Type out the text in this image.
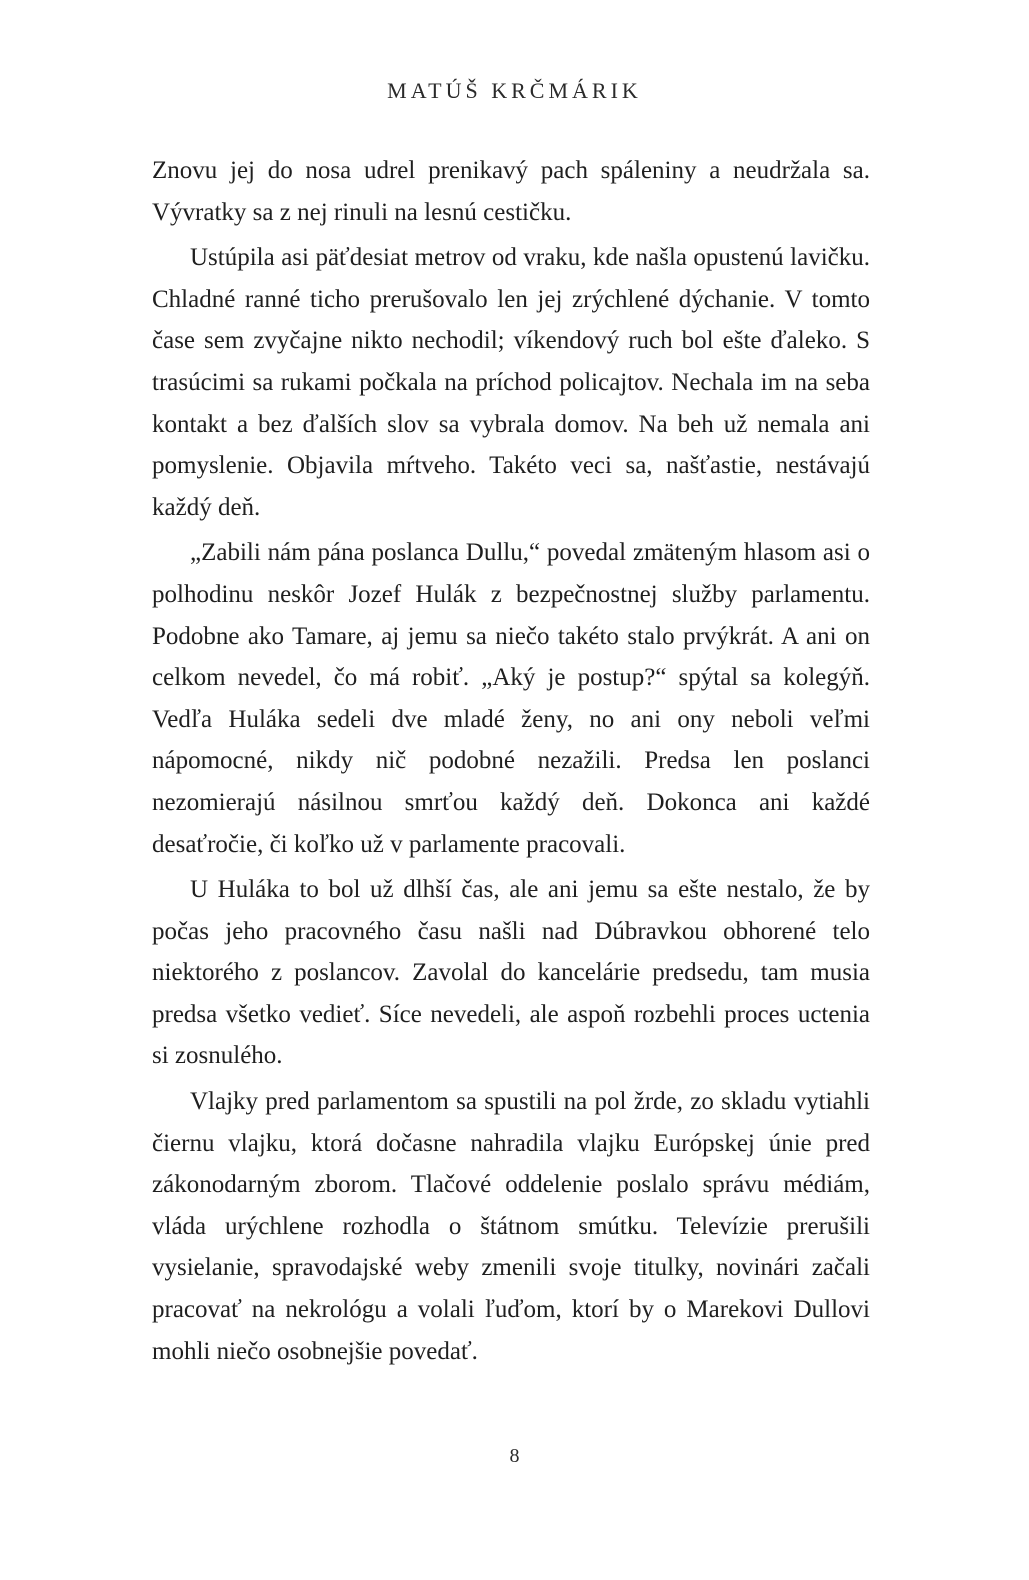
MATÚŠ KRČMÁRIK

Znovu jej do nosa udrel prenikavý pach spáleniny a neudržala sa. Vývratky sa z nej rinuli na lesnú cestičku.

Ustúpila asi päťdesiat metrov od vraku, kde našla opustenú lavičku. Chladné ranné ticho prerušovalo len jej zrýchlené dýchanie. V tomto čase sem zvyčajne nikto nechodil; víkendový ruch bol ešte ďaleko. S trasúcimi sa rukami počkala na príchod policajtov. Nechala im na seba kontakt a bez ďalších slov sa vybrala domov. Na beh už nemala ani pomyslenie. Objavila mŕtveho. Takéto veci sa, našťastie, nestávajú každý deň.

„Zabili nám pána poslanca Dullu,“ povedal zmäteným hlasom asi o polhodinu neskôr Jozef Hulák z bezpečnostnej služby parlamentu. Podobne ako Tamare, aj jemu sa niečo takéto stalo prvýkrát. A ani on celkom nevedel, čo má robiť. „Aký je postup?“ spýtal sa kolegýň. Vedľa Huláka sedeli dve mladé ženy, no ani ony neboli veľmi nápomocné, nikdy nič podobné nezažili. Predsa len poslanci nezomierajú násilnou smrťou každý deň. Dokonca ani každé desaťročie, či koľko už v parlamente pracovali.

U Huláka to bol už dlhší čas, ale ani jemu sa ešte nestalo, že by počas jeho pracovného času našli nad Dúbravkou obhorené telo niektorého z poslancov. Zavolal do kancelárie predsedu, tam musia predsa všetko vedieť. Síce nevedeli, ale aspoň rozbehli proces uctenia si zosnulého.

Vlajky pred parlamentom sa spustili na pol žrde, zo skladu vytiahli čiernu vlajku, ktorá dočasne nahradila vlajku Európskej únie pred zákonodarným zborom. Tlačové oddelenie poslalo správu médiám, vláda urýchlene rozhodla o štátnom smútku. Televízie prerušili vysielanie, spravodajské weby zmenili svoje titulky, novinári začali pracovať na nekrológu a volali ľuďom, ktorí by o Marekovi Dullovi mohli niečo osobnejšie povedať.

8
